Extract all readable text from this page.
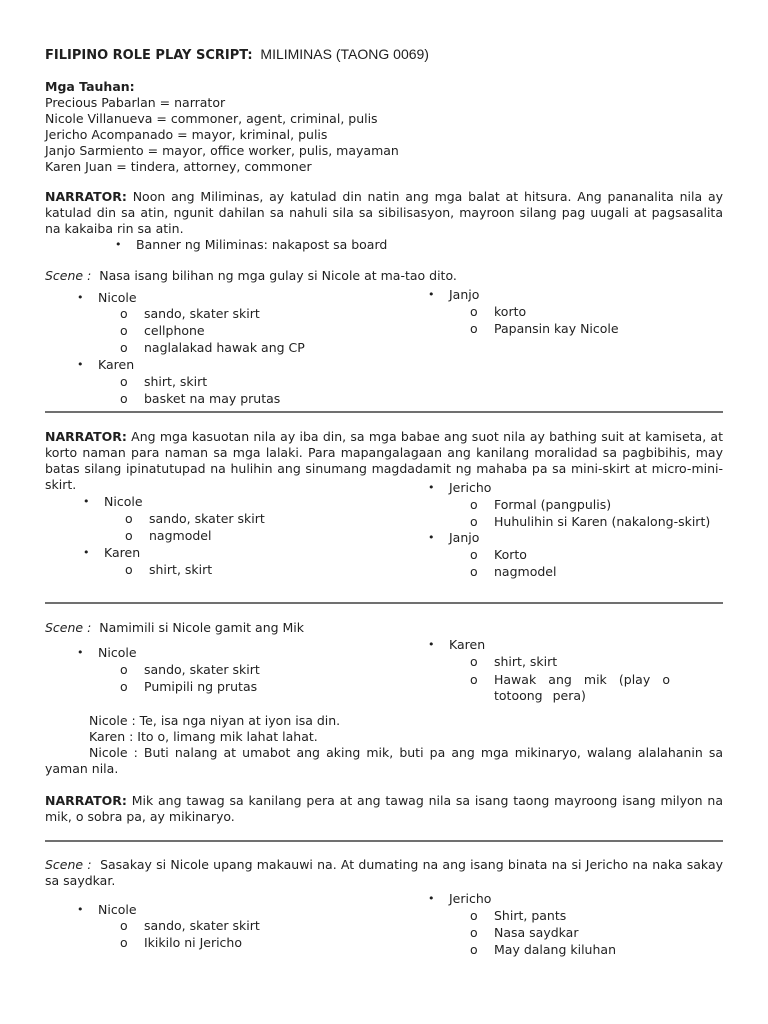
FILIPINO ROLE PLAY SCRIPT: MILIMINAS (TAONG 0069)
Mga Tauhan:
Precious Pabarlan = narrator
Nicole Villanueva = commoner, agent, criminal, pulis
Jericho Acompanado = mayor, kriminal, pulis
Janjo Sarmiento = mayor, office worker, pulis, mayaman
Karen Juan = tindera, attorney, commoner
NARRATOR: Noon ang Miliminas, ay katulad din natin ang mga balat at hitsura. Ang pananalita nila ay katulad din sa atin, ngunit dahilan sa nahuli sila sa sibilisasyon, mayroon silang pag uugali at pagsasalita na kakaiba rin sa atin.
• Banner ng Miliminas: nakapost sa board
Scene : Nasa isang bilihan ng mga gulay si Nicole at ma-tao dito.
• Nicole
o sando, skater skirt
o cellphone
o naglalakad hawak ang CP
• Karen
o shirt, skirt
o basket na may prutas
• Janjo
o korto
o Papansin kay Nicole
NARRATOR: Ang mga kasuotan nila ay iba din, sa mga babae ang suot nila ay bathing suit at kamiseta, at korto naman para naman sa mga lalaki. Para mapangalagaan ang kanilang moralidad sa pagbibihis, may batas silang ipinatutupad na hulihin ang sinumang magdadamit ng mahaba pa sa mini-skirt at micro-mini-skirt.
• Nicole
o sando, skater skirt
o nagmodel
• Karen
o shirt, skirt
• Jericho
o Formal (pangpulis)
o Huhulihin si Karen (nakalong-skirt)
• Janjo
o Korto
o nagmodel
Scene : Namimili si Nicole gamit ang Mik
• Nicole
o sando, skater skirt
o Pumipili ng prutas
• Karen
o shirt, skirt
o Hawak ang mik (play o totoong pera)
Nicole : Te, isa nga niyan at iyon isa din.
Karen : Ito o, limang mik lahat lahat.
Nicole : Buti nalang at umabot ang aking mik, buti pa ang mga mikinaryo, walang alalahanin sa yaman nila.
NARRATOR: Mik ang tawag sa kanilang pera at ang tawag nila sa isang taong mayroong isang milyon na mik, o sobra pa, ay mikinaryo.
Scene : Sasakay si Nicole upang makauwi na. At dumating na ang isang binata na si Jericho na naka sakay sa saydkar.
• Nicole
o sando, skater skirt
o Ikikilo ni Jericho
• Jericho
o Shirt, pants
o Nasa saydkar
o May dalang kiluhan
